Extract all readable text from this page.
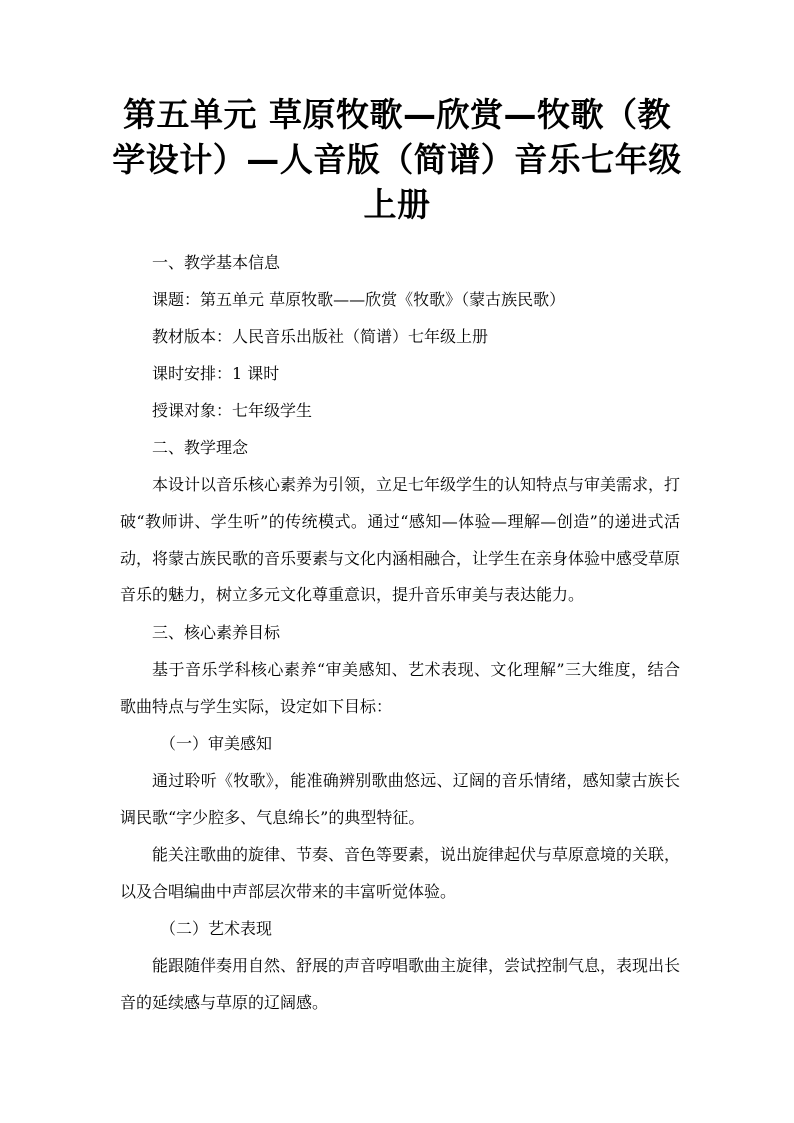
第五单元 草原牧歌—欣赏—牧歌（教学设计）—人音版（简谱）音乐七年级上册

一、教学基本信息

课题：第五单元 草原牧歌——欣赏《牧歌》（蒙古族民歌）

教材版本：人民音乐出版社（简谱）七年级上册

课时安排：1 课时

授课对象：七年级学生

二、教学理念

本设计以音乐核心素养为引领，立足七年级学生的认知特点与审美需求，打破“教师讲、学生听”的传统模式。通过“感知—体验—理解—创造”的递进式活动，将蒙古族民歌的音乐要素与文化内涵相融合，让学生在亲身体验中感受草原音乐的魅力，树立多元文化尊重意识，提升音乐审美与表达能力。

三、核心素养目标

基于音乐学科核心素养“审美感知、艺术表现、文化理解”三大维度，结合歌曲特点与学生实际，设定如下目标：

（一）审美感知

通过聆听《牧歌》，能准确辨别歌曲悠远、辽阔的音乐情绪，感知蒙古族长调民歌“字少腔多、气息绵长”的典型特征。

能关注歌曲的旋律、节奏、音色等要素，说出旋律起伏与草原意境的关联，以及合唱编曲中声部层次带来的丰富听觉体验。

（二）艺术表现

能跟随伴奏用自然、舒展的声音哼唱歌曲主旋律，尝试控制气息，表现出长音的延续感与草原的辽阔感。
